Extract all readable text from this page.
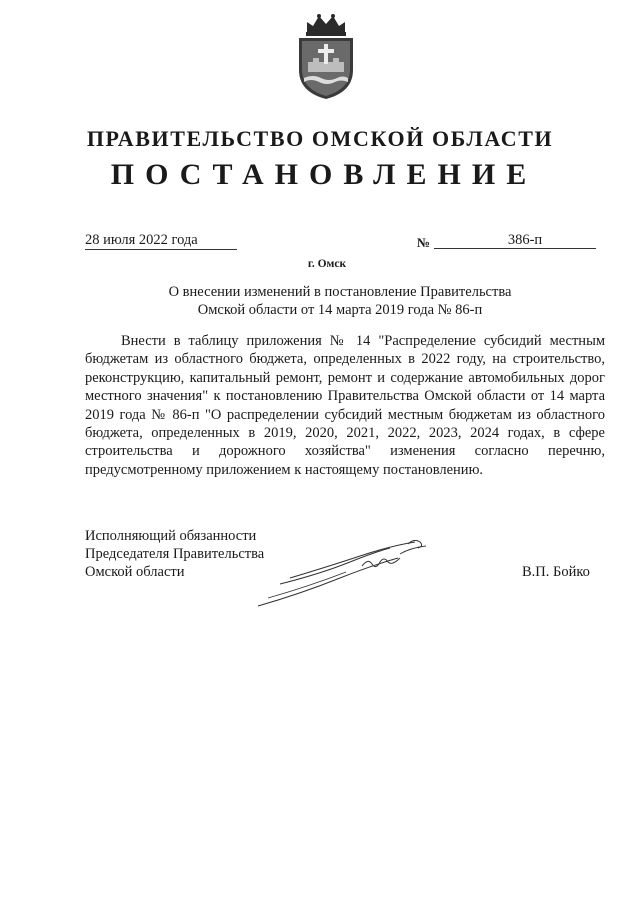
ПРАВИТЕЛЬСТВО ОМСКОЙ ОБЛАСТИ
ПОСТАНОВЛЕНИЕ
28 июля 2022 года	№	386-п
г. Омск
О внесении изменений в постановление Правительства
Омской области от 14 марта 2019 года № 86-п

Внести в таблицу приложения № 14 "Распределение субсидий местным бюджетам из областного бюджета, определенных в 2022 году, на строительство, реконструкцию, капитальный ремонт, ремонт и содержание автомобильных дорог местного значения" к постановлению Правительства Омской области от 14 марта 2019 года № 86-п "О распределении субсидий местным бюджетам из областного бюджета, определенных в 2019, 2020, 2021, 2022, 2023, 2024 годах, в сфере строительства и дорожного хозяйства" изменения согласно перечню, предусмотренному приложением к настоящему постановлению.

Исполняющий обязанности
Председателя Правительства
Омской области	В.П. Бойко
